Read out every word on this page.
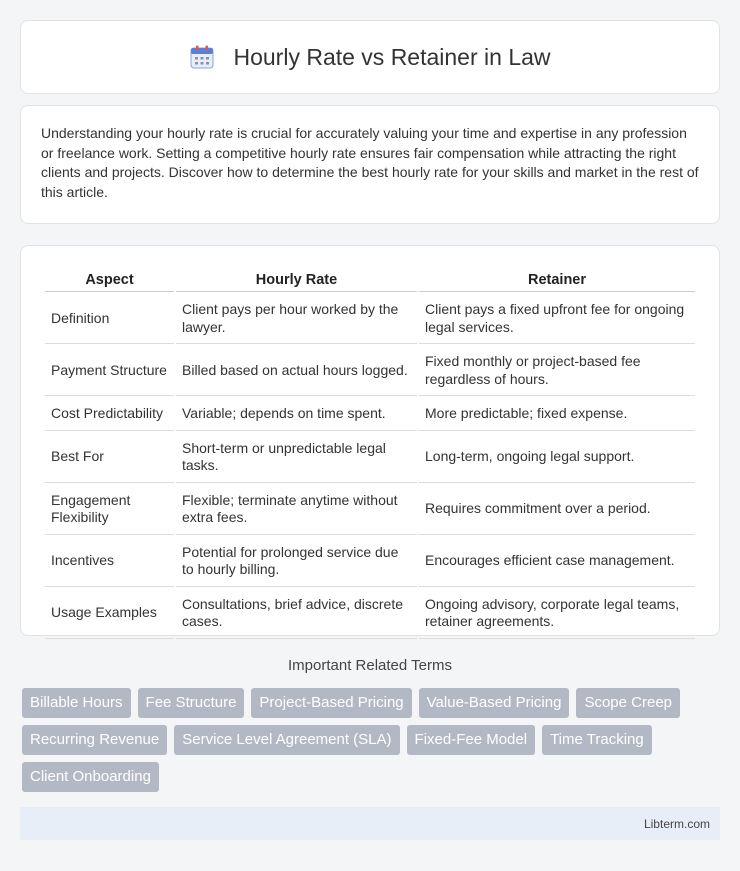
Hourly Rate vs Retainer in Law

Understanding your hourly rate is crucial for accurately valuing your time and expertise in any profession or freelance work. Setting a competitive hourly rate ensures fair compensation while attracting the right clients and projects. Discover how to determine the best hourly rate for your skills and market in the rest of this article.

Aspect	Hourly Rate	Retainer
Definition	Client pays per hour worked by the lawyer.	Client pays a fixed upfront fee for ongoing legal services.
Payment Structure	Billed based on actual hours logged.	Fixed monthly or project-based fee regardless of hours.
Cost Predictability	Variable; depends on time spent.	More predictable; fixed expense.
Best For	Short-term or unpredictable legal tasks.	Long-term, ongoing legal support.
Engagement Flexibility	Flexible; terminate anytime without extra fees.	Requires commitment over a period.
Incentives	Potential for prolonged service due to hourly billing.	Encourages efficient case management.
Usage Examples	Consultations, brief advice, discrete cases.	Ongoing advisory, corporate legal teams, retainer agreements.
Important Related Terms
Billable Hours	Fee Structure	Project-Based Pricing	Value-Based Pricing	Scope Creep
Recurring Revenue	Service Level Agreement (SLA)	Fixed-Fee Model	Time Tracking
Client Onboarding
Libterm.com
